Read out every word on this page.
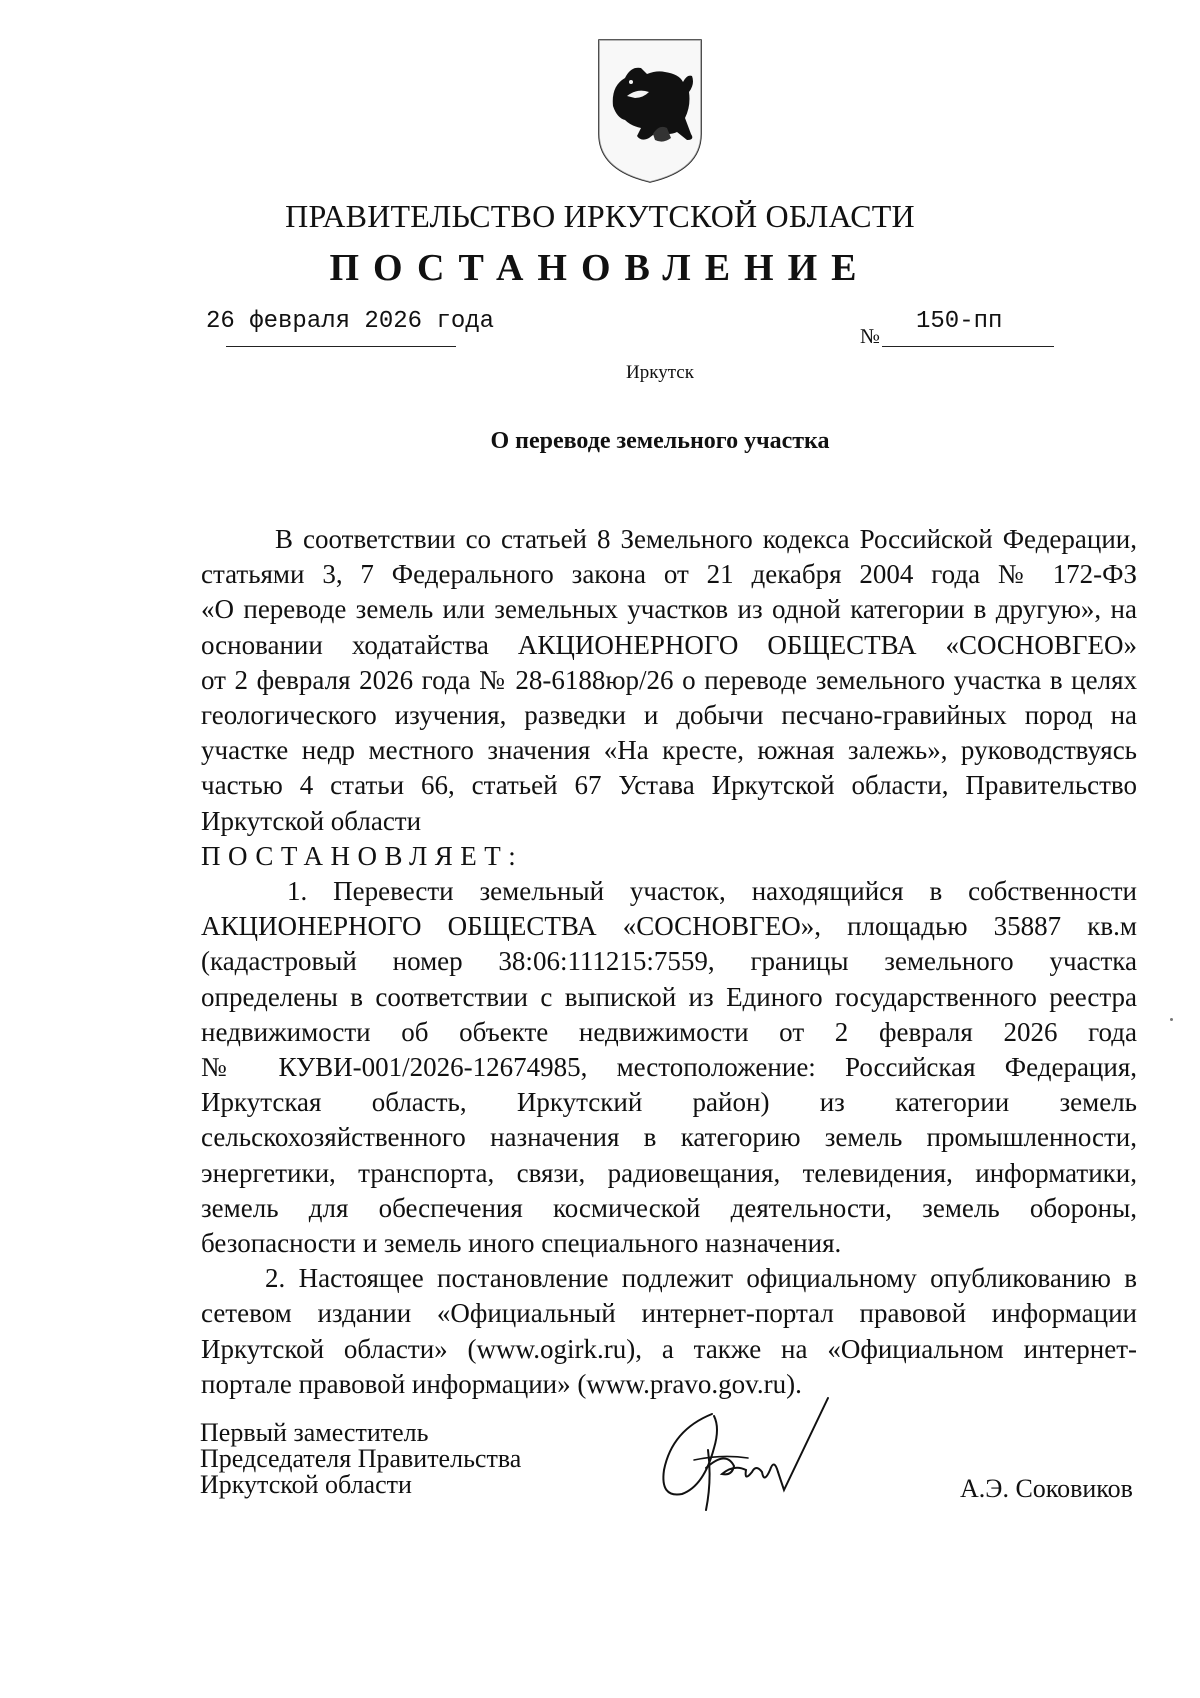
ПРАВИТЕЛЬСТВО ИРКУТСКОЙ ОБЛАСТИ
ПОСТАНОВЛЕНИЕ
26 февраля 2026 года
№
150-пп
Иркутск
О переводе земельного участка

В соответствии со статьей 8 Земельного кодекса Российской Федерации,

статьями 3, 7 Федерального закона от 21 декабря 2004 года № 172-ФЗ

«О переводе земель или земельных участков из одной категории в другую», на

основании ходатайства АКЦИОНЕРНОГО ОБЩЕСТВА «СОСНОВГЕО»

от 2 февраля 2026 года № 28-6188юр/26 о переводе земельного участка в целях

геологического изучения, разведки и добычи песчано-гравийных пород на

участке недр местного значения «На кресте, южная залежь», руководствуясь

частью 4 статьи 66, статьей 67 Устава Иркутской области, Правительство

Иркутской области

ПОСТАНОВЛЯЕТ:

1. Перевести земельный участок, находящийся в собственности

АКЦИОНЕРНОГО ОБЩЕСТВА «СОСНОВГЕО», площадью 35887 кв.м

(кадастровый номер 38:06:111215:7559, границы земельного участка

определены в соответствии с выпиской из Единого государственного реестра

недвижимости об объекте недвижимости от 2 февраля 2026 года

№ КУВИ-001/2026-12674985, местоположение: Российская Федерация,

Иркутская область, Иркутский район) из категории земель

сельскохозяйственного назначения в категорию земель промышленности,

энергетики, транспорта, связи, радиовещания, телевидения, информатики,

земель для обеспечения космической деятельности, земель обороны,

безопасности и земель иного специального назначения.

2. Настоящее постановление подлежит официальному опубликованию в

сетевом издании «Официальный интернет-портал правовой информации

Иркутской области» (www.ogirk.ru), а также на «Официальном интернет-

портале правовой информации» (www.pravo.gov.ru).

Первый заместитель
Председателя Правительства
Иркутской области	А.Э. Соковиков
